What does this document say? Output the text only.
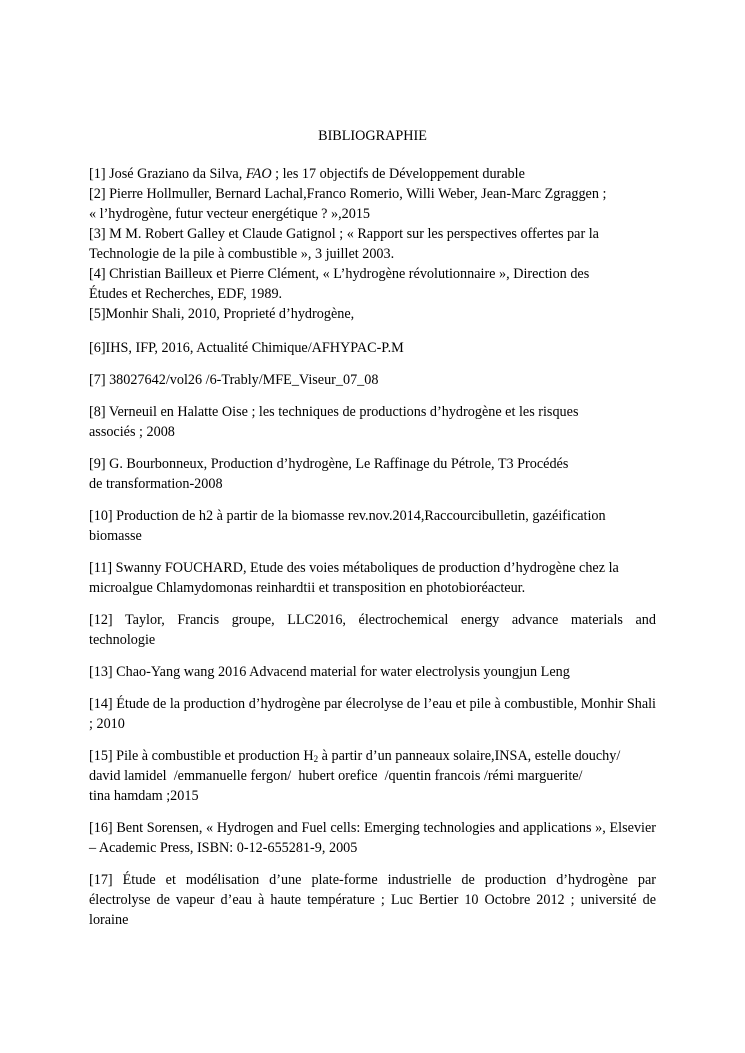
BIBLIOGRAPHIE

[1] José Graziano da Silva, FAO ; les 17 objectifs de Développement durable

[2] Pierre Hollmuller, Bernard Lachal,Franco Romerio, Willi Weber, Jean-Marc Zgraggen ;
« l’hydrogène, futur vecteur energétique ? »,2015

[3] M M. Robert Galley et Claude Gatignol ; « Rapport sur les perspectives offertes par la
Technologie de la pile à combustible », 3 juillet 2003.

[4] Christian Bailleux et Pierre Clément, « L’hydrogène révolutionnaire », Direction des
Études et Recherches, EDF, 1989.

[5]Monhir Shali, 2010, Proprieté d’hydrogène,

[6]IHS, IFP, 2016, Actualité Chimique/AFHYPAC-P.M

[7] 38027642/vol26 /6-Trably/MFE_Viseur_07_08

[8] Verneuil en Halatte Oise ; les techniques de productions d’hydrogène et les risques
associés ; 2008

[9] G. Bourbonneux, Production d’hydrogène, Le Raffinage du Pétrole, T3 Procédés
de transformation-2008

[10] Production de h2 à partir de la biomasse rev.nov.2014,Raccourcibulletin, gazéification
biomasse

[11] Swanny FOUCHARD, Etude des voies métaboliques de production d’hydrogène chez la
microalgue Chlamydomonas reinhardtii et transposition en photobioréacteur.

[12] Taylor, Francis groupe, LLC2016, électrochemical energy advance materials and technologie

[13] Chao-Yang wang 2016 Advacend material for water electrolysis youngjun Leng

[14] Étude de la production d’hydrogène par élecrolyse de l’eau et pile à combustible, Monhir Shali ; 2010

[15] Pile à combustible et production $H_2$ à partir d’un panneaux solaire,INSA, estelle douchy/
david lamidel  /emmanuelle fergon/  hubert orefice  /quentin francois /rémi marguerite/
tina hamdam ;2015

[16] Bent Sorensen, « Hydrogen and Fuel cells: Emerging technologies and applications », Elsevier – Academic Press, ISBN: 0-12-655281-9, 2005

[17] Étude et modélisation d’une plate-forme industrielle de production d’hydrogène par électrolyse de vapeur d’eau à haute température ; Luc Bertier 10 Octobre 2012 ; université de loraine
